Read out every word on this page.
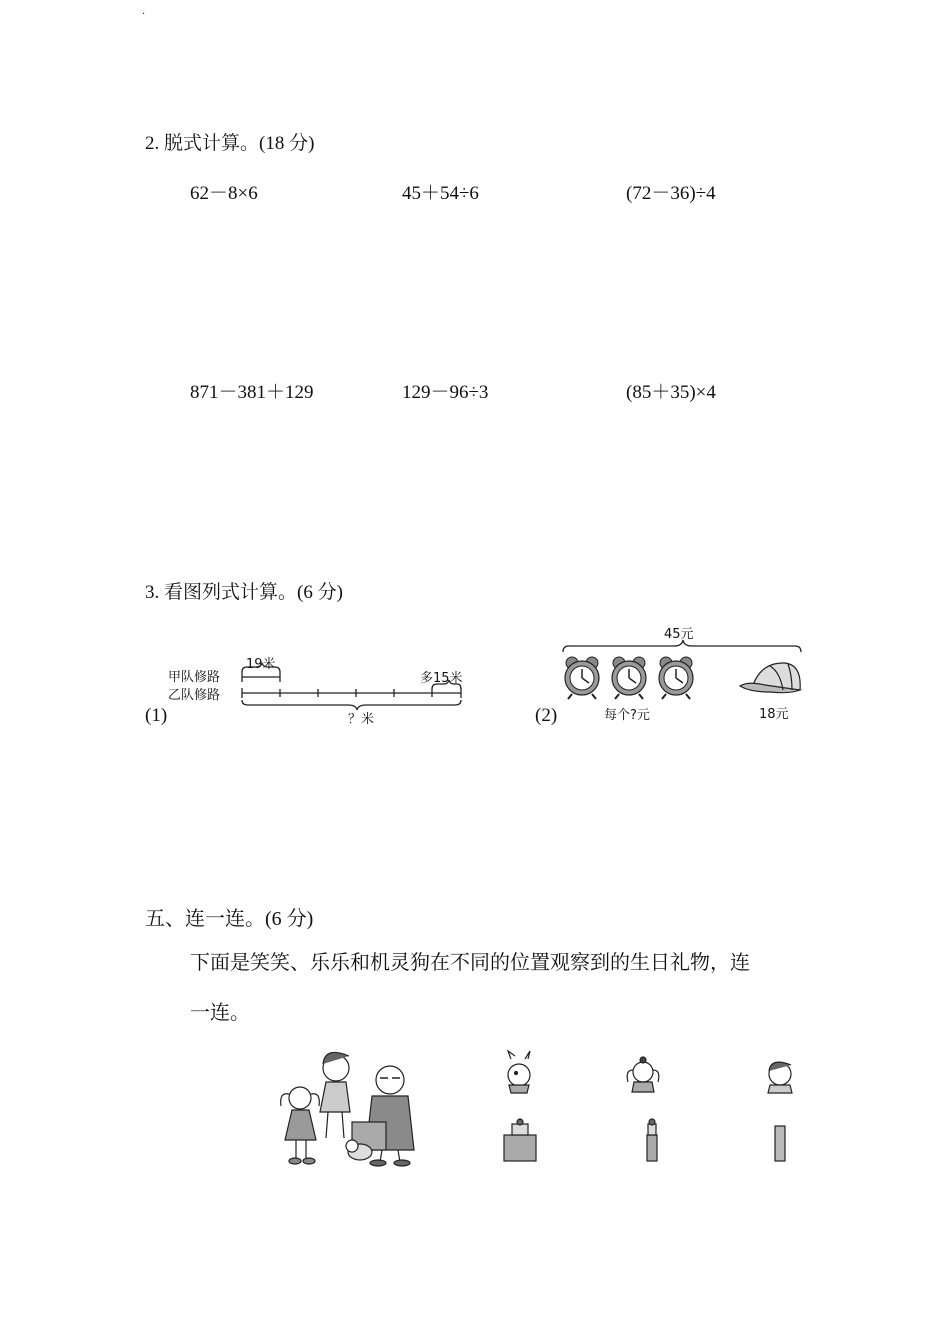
.
2. 脱式计算。(18 分)
62－8×6	45＋54÷6	(72－36)÷4
871－381＋129	129－96÷3	(85＋35)×4
3. 看图列式计算。(6 分)
(1)
甲队修路
乙队修路
19米
多15米
？米	(2)
45元
每个?元	18元
五、连一连。(6 分)
下面是笑笑、乐乐和机灵狗在不同的位置观察到的生日礼物，连
一连。
